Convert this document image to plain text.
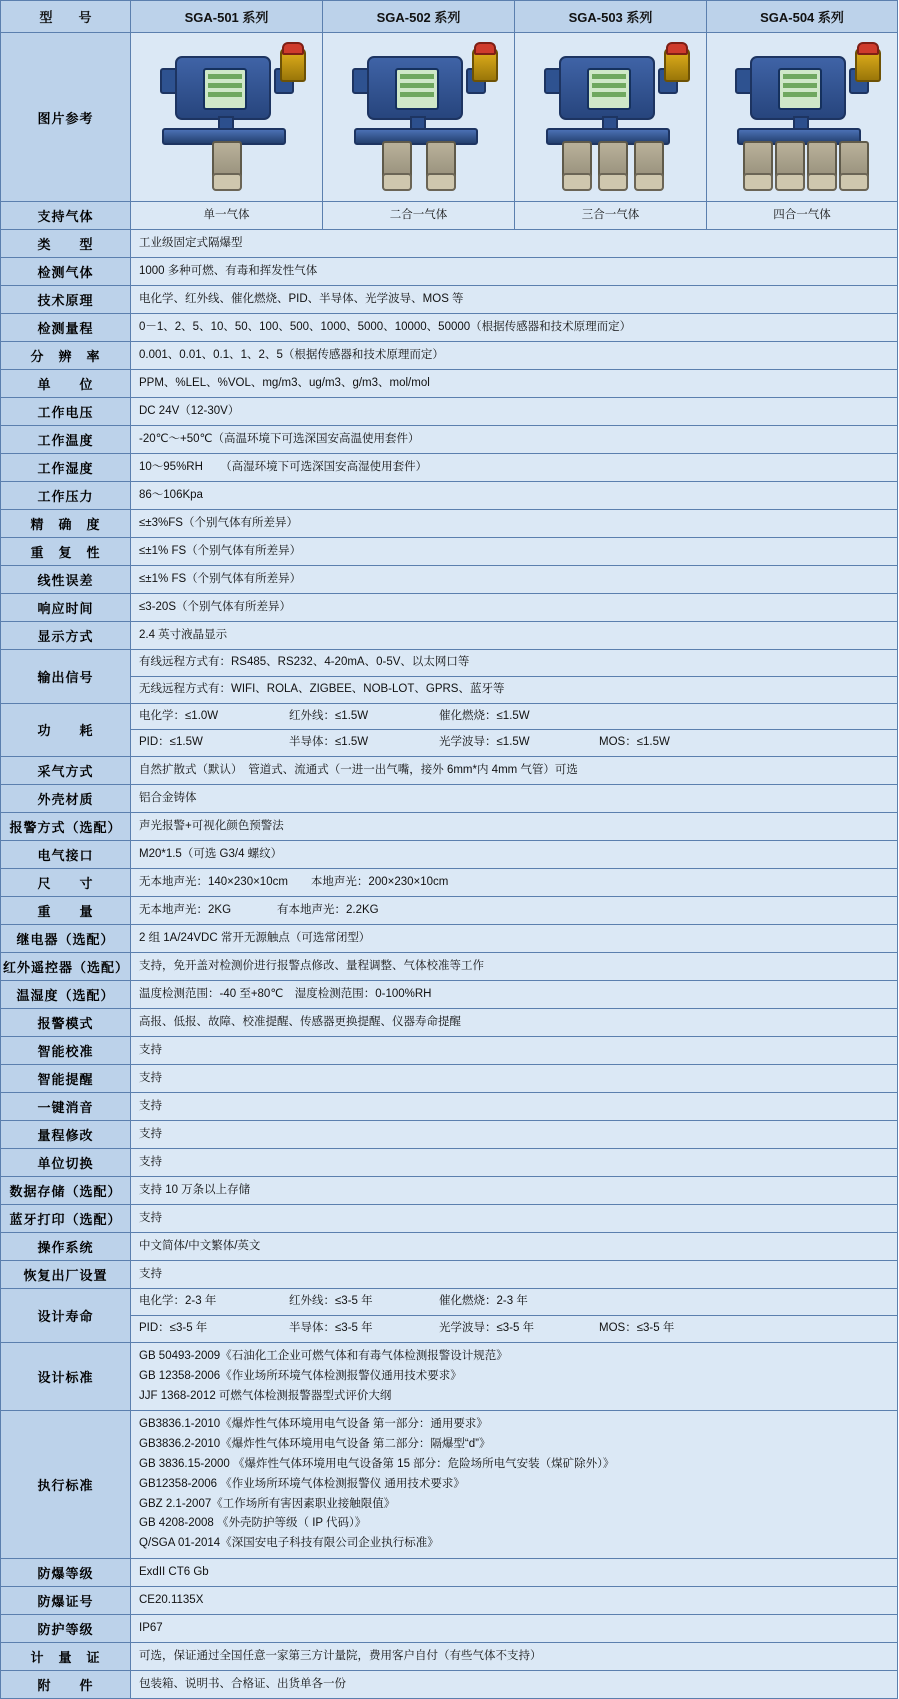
型　　号	SGA-501 系列	SGA-502 系列	SGA-503 系列	SGA-504 系列
图片参考	

支持气体	单一气体	二合一气体	三合一气体	四合一气体
类　　型	工业级固定式隔爆型			
检测气体	1000 多种可燃、有毒和挥发性气体			
技术原理	电化学、红外线、催化燃烧、PID、半导体、光学波导、MOS 等			
检测量程	0－1、2、5、10、50、100、500、1000、5000、10000、50000（根据传感器和技术原理而定）			
分　辨　率	0.001、0.01、0.1、1、2、5（根据传感器和技术原理而定）			
单　　位	PPM、%LEL、%VOL、mg/m3、ug/m3、g/m3、mol/mol			
工作电压	DC 24V（12-30V）			
工作温度	-20℃～+50℃（高温环境下可选深国安高温使用套件）			
工作湿度	10～95%RH　　（高湿环境下可选深国安高湿使用套件）			
工作压力	86～106Kpa			
精　确　度	≤±3%FS（个别气体有所差异）			
重　复　性	≤±1% FS（个别气体有所差异）			
线性误差	≤±1% FS（个别气体有所差异）			
响应时间	≤3-20S（个别气体有所差异）			
显示方式	2.4 英寸液晶显示			
输出信号	有线远程方式有：RS485、RS232、4-20mA、0-5V、以太网口等			
	无线远程方式有：WIFI、ROLA、ZIGBEE、NOB-LOT、GPRS、蓝牙等			
功　　耗	电化学：≤1.0W 红外线：≤1.5W 催化燃烧：≤1.5W			

	PID：≤1.5W 半导体：≤1.5W 光学波导：≤1.5W MOS：≤1.5W			

采气方式	自然扩散式（默认）　管道式、流通式（一进一出气嘴，接外 6mm*内 4mm 气管）可选			
外壳材质	铝合金铸体			
报警方式（选配）	声光报警+可视化颜色预警法			
电气接口	M20*1.5（可选 G3/4 螺纹）			
尺　　寸	无本地声光：140×230×10cm　　本地声光：200×230×10cm			
重　　量	无本地声光：2KG　　　　有本地声光：2.2KG			
继电器（选配）	2 组 1A/24VDC 常开无源触点（可选常闭型）			
红外遥控器（选配）	支持，免开盖对检测价进行报警点修改、量程调整、气体校准等工作			
温湿度（选配）	温度检测范围：-40 至+80℃　湿度检测范围：0-100%RH			
报警模式	高报、低报、故障、校准提醒、传感器更换提醒、仪器寿命提醒			
智能校准	支持			
智能提醒	支持			
一键消音	支持			
量程修改	支持			
单位切换	支持			
数据存储（选配）	支持 10 万条以上存储			
蓝牙打印（选配）	支持			
操作系统	中文简体/中文繁体/英文			
恢复出厂设置	支持			
设计寿命	电化学：2-3 年 红外线：≤3-5 年 催化燃烧：2-3 年			

	PID：≤3-5 年 半导体：≤3-5 年 光学波导：≤3-5 年 MOS：≤3-5 年			

设计标准	GB 50493-2009《石油化工企业可燃气体和有毒气体检测报警设计规范》
GB 12358-2006《作业场所环境气体检测报警仪通用技术要求》
JJF 1368-2012 可燃气体检测报警器型式评价大纲			

执行标准	
GB3836.1-2010《爆炸性气体环境用电气设备 第一部分：通用要求》
GB3836.2-2010《爆炸性气体环境用电气设备 第二部分：隔爆型“d”》
GB 3836.15-2000 《爆炸性气体环境用电气设备第 15 部分：危险场所电气安装（煤矿除外）》
GB12358-2006 《作业场所环境气体检测报警仪 通用技术要求》
GBZ 2.1-2007《工作场所有害因素职业接触限值》
GB 4208-2008 《外壳防护等级（ IP 代码）》
Q/SGA 01-2014《深国安电子科技有限公司企业执行标准》

防爆等级	ExdII CT6 Gb			
防爆证号	CE20.1135X			
防护等级	IP67			
计　量　证	可选，保证通过全国任意一家第三方计量院，费用客户自付（有些气体不支持）			
附　　件	包装箱、说明书、合格证、出货单各一份			
